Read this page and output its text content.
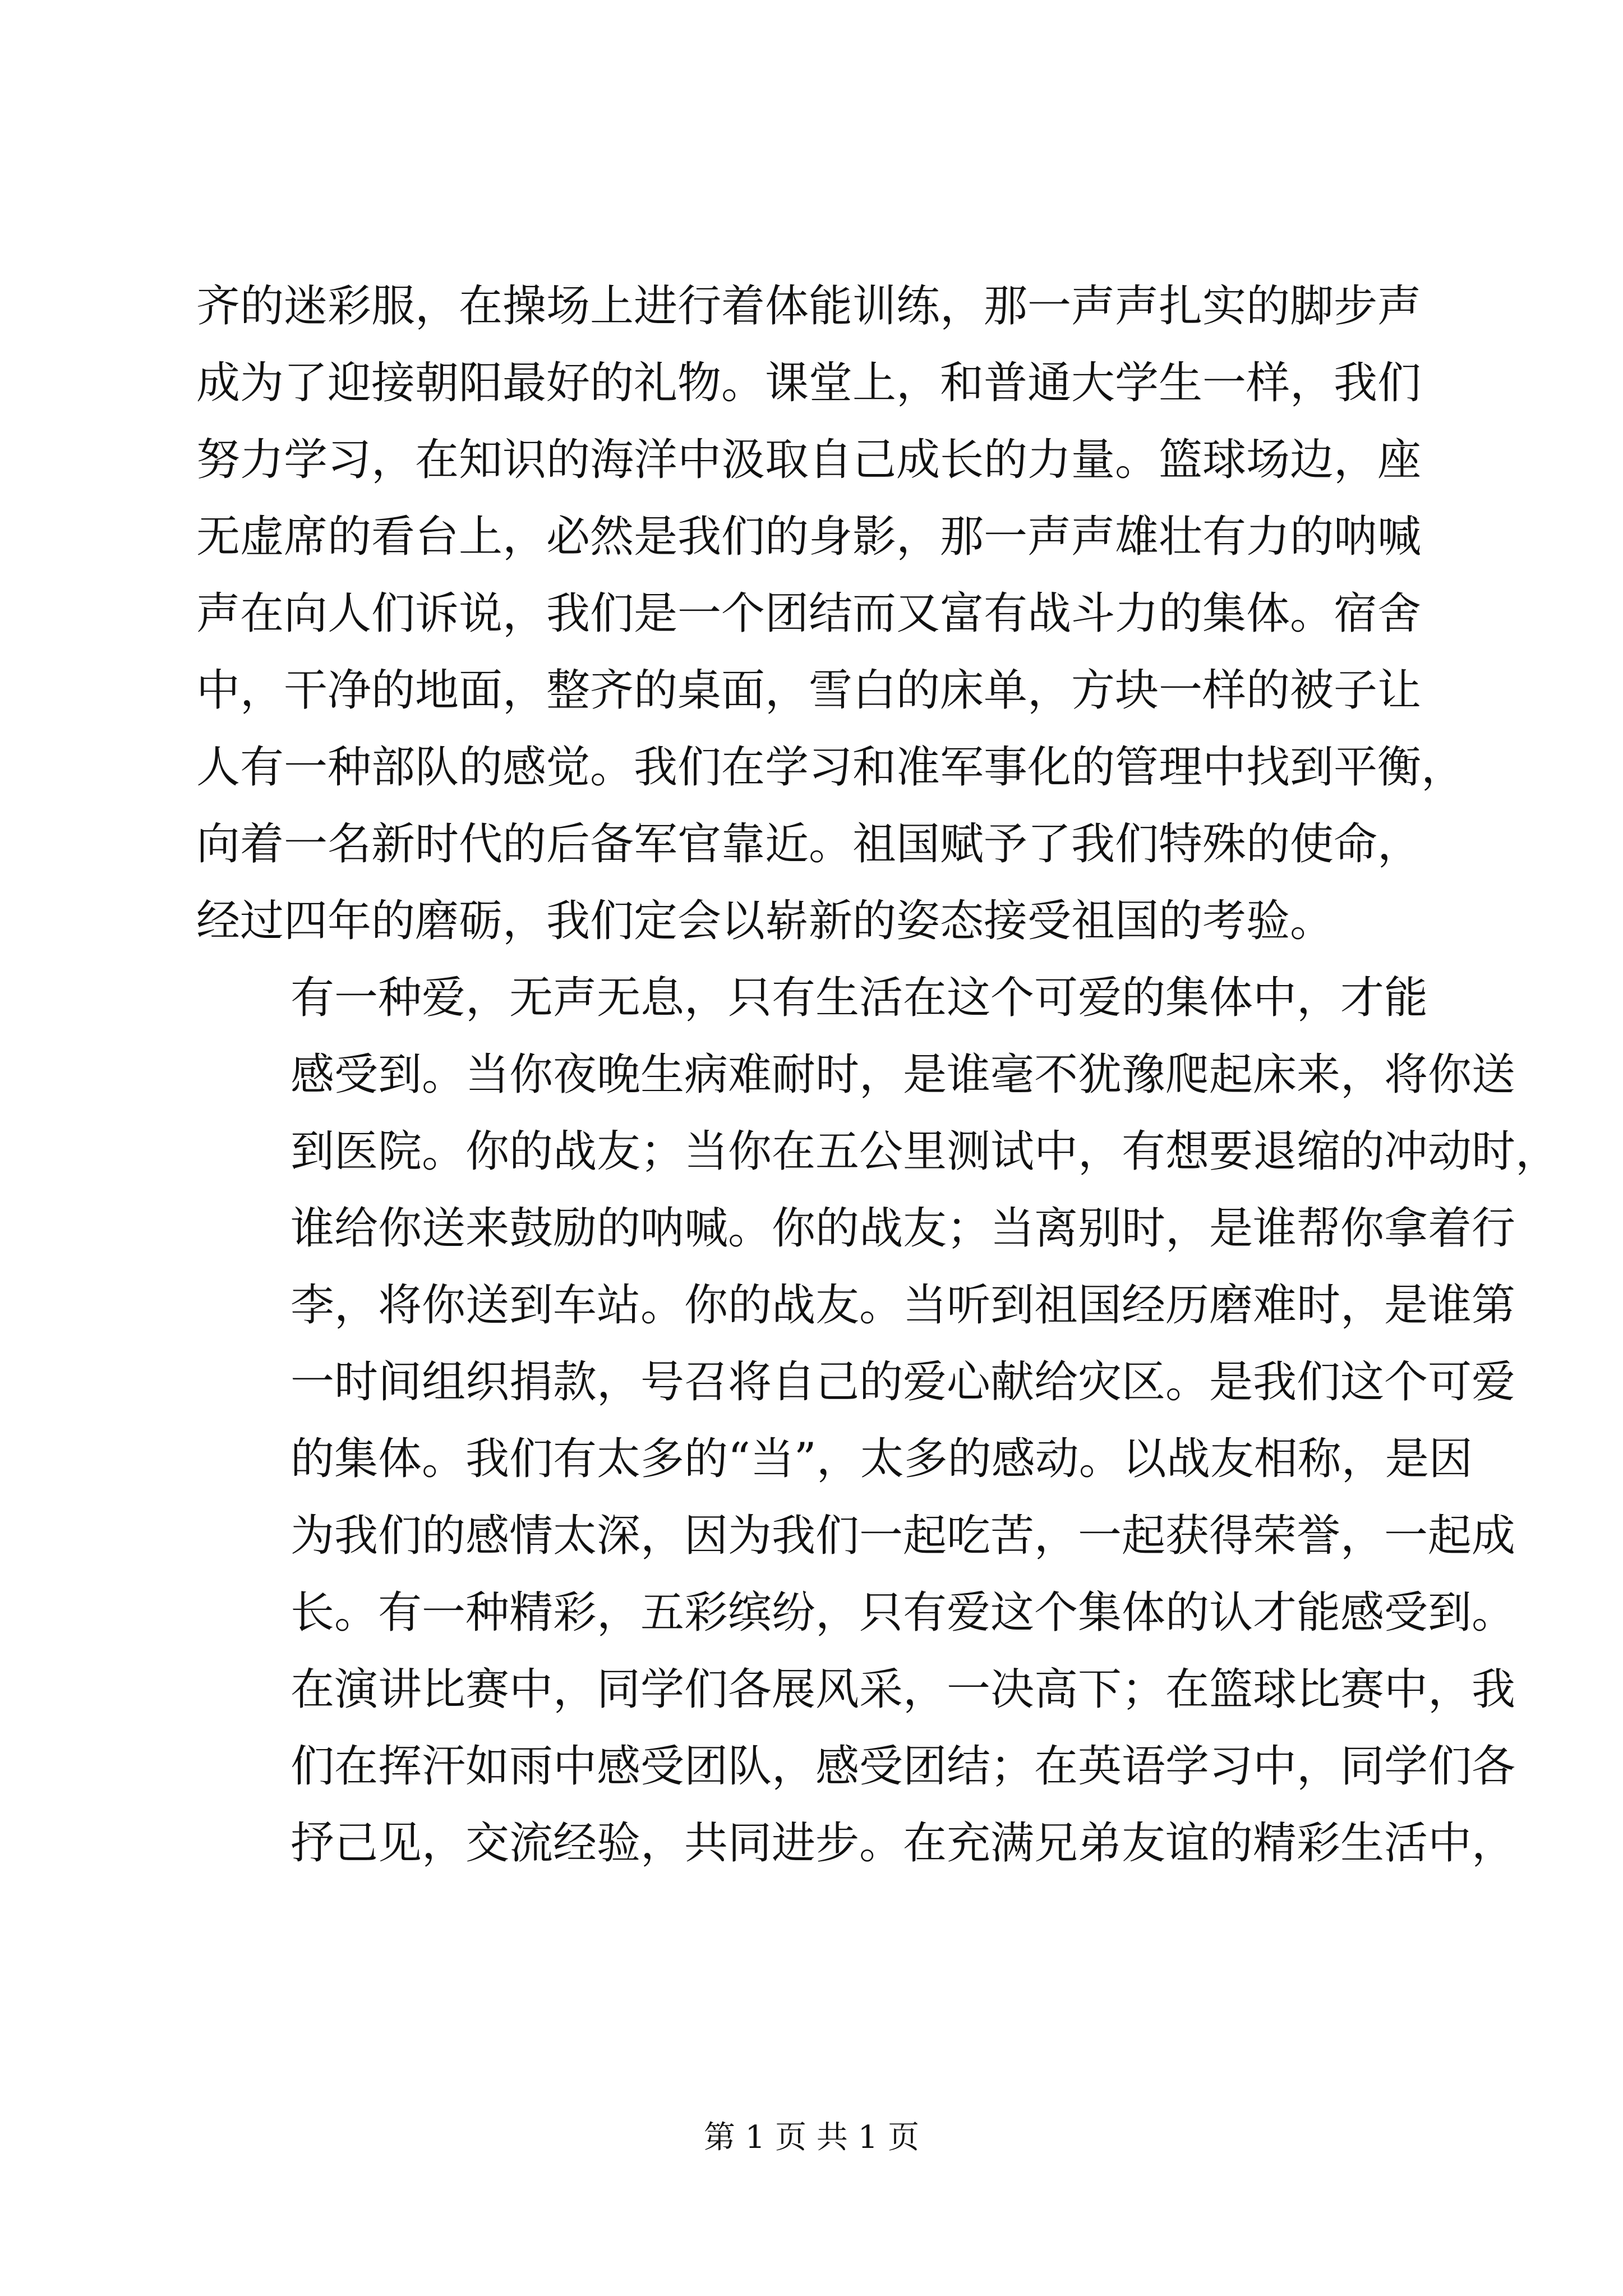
齐的迷彩服，在操场上进行着体能训练，那一声声扎实的脚步声
成为了迎接朝阳最好的礼物。课堂上，和普通大学生一样，我们
努力学习，在知识的海洋中汲取自己成长的力量。篮球场边，座
无虚席的看台上，必然是我们的身影，那一声声雄壮有力的呐喊
声在向人们诉说，我们是一个团结而又富有战斗力的集体。宿舍
中，干净的地面，整齐的桌面，雪白的床单，方块一样的被子让
人有一种部队的感觉。我们在学习和准军事化的管理中找到平衡，
向着一名新时代的后备军官靠近。祖国赋予了我们特殊的使命，
经过四年的磨砺，我们定会以崭新的姿态接受祖国的考验。

有一种爱，无声无息，只有生活在这个可爱的集体中，才能
感受到。当你夜晚生病难耐时，是谁毫不犹豫爬起床来，将你送
到医院。你的战友；当你在五公里测试中，有想要退缩的冲动时，
谁给你送来鼓励的呐喊。你的战友；当离别时，是谁帮你拿着行
李，将你送到车站。你的战友。当听到祖国经历磨难时，是谁第
一时间组织捐款，号召将自己的爱心献给灾区。是我们这个可爱
的集体。我们有太多的“当”，太多的感动。以战友相称，是因
为我们的感情太深，因为我们一起吃苦，一起获得荣誉，一起成
长。有一种精彩，五彩缤纷，只有爱这个集体的认才能感受到。
在演讲比赛中，同学们各展风采，一决高下；在篮球比赛中，我
们在挥汗如雨中感受团队，感受团结；在英语学习中，同学们各
抒己见，交流经验，共同进步。在充满兄弟友谊的精彩生活中，

第 1 页 共 1 页
